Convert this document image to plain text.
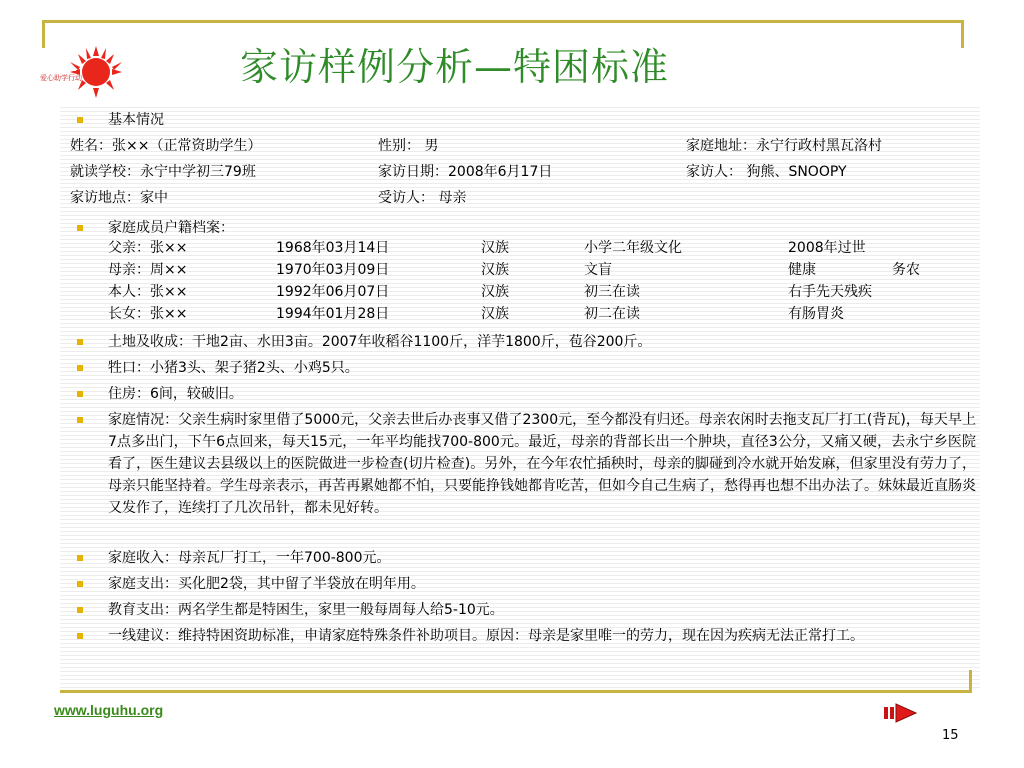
爱心助学行动	家访样例分析—特困标准
基本情况
姓名：张××（正常资助学生）	性别： 男	家庭地址：永宁行政村黑瓦洛村
就读学校：永宁中学初三79班	家访日期：2008年6月17日	家访人： 狗熊、SNOOPY
家访地点：家中	受访人： 母亲
家庭成员户籍档案：
父亲：张××	1968年03月14日	汉族	小学二年级文化	2008年过世
母亲：周××	1970年03月09日	汉族	文盲	健康	务农
本人：张××	1992年06月07日	汉族	初三在读	右手先天残疾
长女：张××	1994年01月28日	汉族	初二在读	有肠胃炎
土地及收成：干地2亩、水田3亩。2007年收稻谷1100斤，洋芋1800斤，苞谷200斤。
牲口：小猪3头、架子猪2头、小鸡5只。
住房：6间，较破旧。
家庭情况：父亲生病时家里借了5000元，父亲去世后办丧事又借了2300元，至今都没有归还。母亲农闲时去拖支瓦厂打工(背瓦)，每天早上7点多出门，下午6点回来，每天15元，一年平均能找700-800元。最近，母亲的背部长出一个肿块，直径3公分，又痛又硬，去永宁乡医院看了，医生建议去县级以上的医院做进一步检查(切片检查)。另外，在今年农忙插秧时，母亲的脚碰到冷水就开始发麻，但家里没有劳力了，母亲只能坚持着。学生母亲表示，再苦再累她都不怕，只要能挣钱她都肯吃苦，但如今自己生病了，愁得再也想不出办法了。妹妹最近直肠炎又发作了，连续打了几次吊针，都未见好转。
家庭收入：母亲瓦厂打工，一年700-800元。
家庭支出：买化肥2袋，其中留了半袋放在明年用。
教育支出：两名学生都是特困生，家里一般每周每人给5-10元。
一线建议：维持特困资助标准，申请家庭特殊条件补助项目。原因：母亲是家里唯一的劳力，现在因为疾病无法正常打工。
www.luguhu.org
15
